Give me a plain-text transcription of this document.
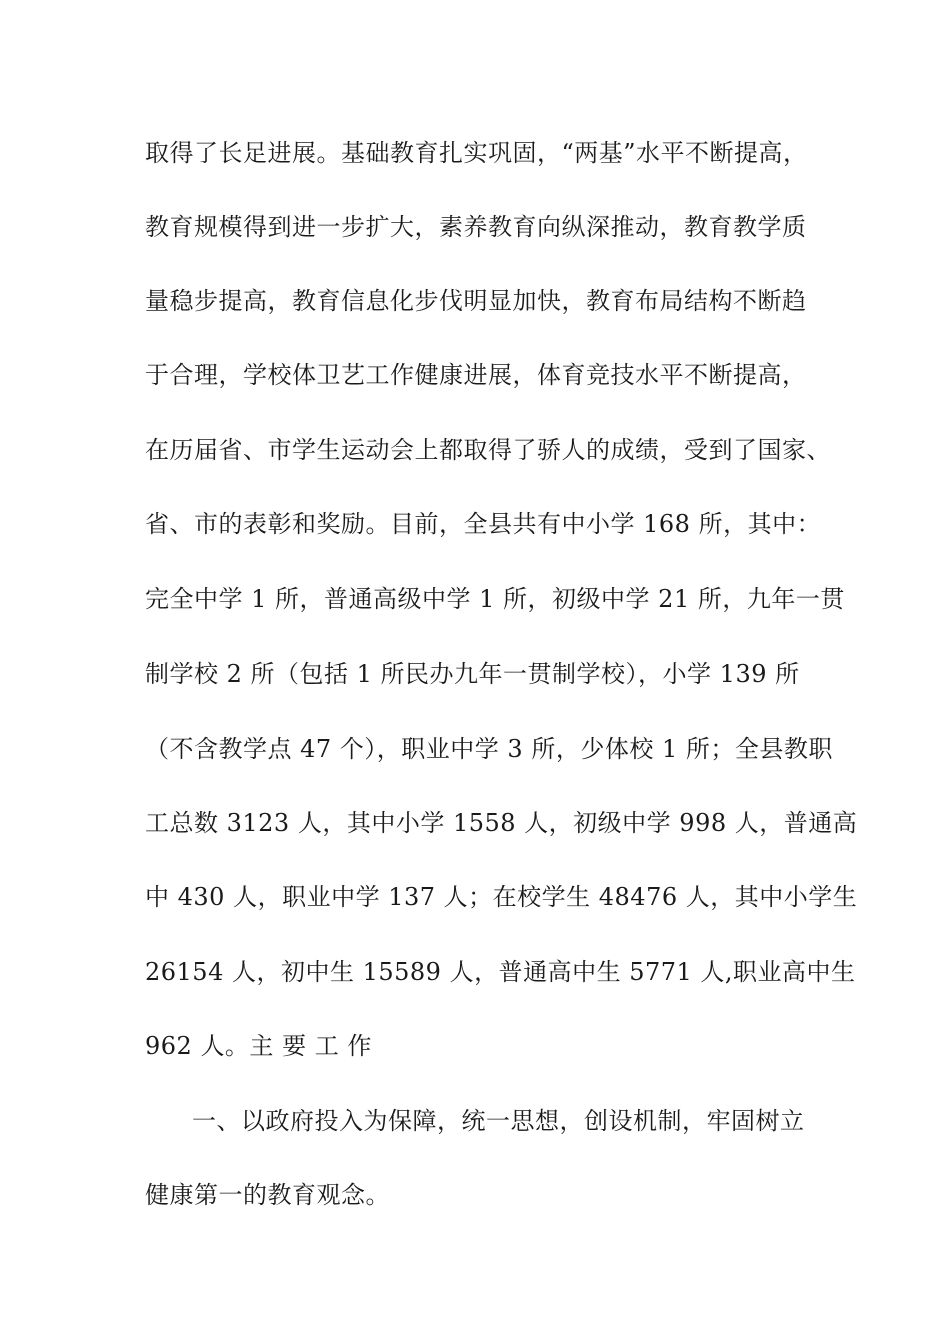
取得了长足进展。基础教育扎实巩固，“两基”水平不断提高，
教育规模得到进一步扩大，素养教育向纵深推动，教育教学质
量稳步提高，教育信息化步伐明显加快，教育布局结构不断趋
于合理，学校体卫艺工作健康进展，体育竞技水平不断提高，
在历届省、市学生运动会上都取得了骄人的成绩，受到了国家、
省、市的表彰和奖励。目前，全县共有中小学 168 所，其中：
完全中学 1 所，普通高级中学 1 所，初级中学 21 所，九年一贯
制学校 2 所（包括 1 所民办九年一贯制学校），小学 139 所
（不含教学点 47 个），职业中学 3 所，少体校 1 所；全县教职
工总数 3123 人，其中小学 1558 人，初级中学 998 人，普通高
中 430 人，职业中学 137 人；在校学生 48476 人，其中小学生
26154 人，初中生 15589 人，普通高中生 5771 人,职业高中生
962 人。主 要 工 作
一、以政府投入为保障，统一思想，创设机制，牢固树立
健康第一的教育观念。
